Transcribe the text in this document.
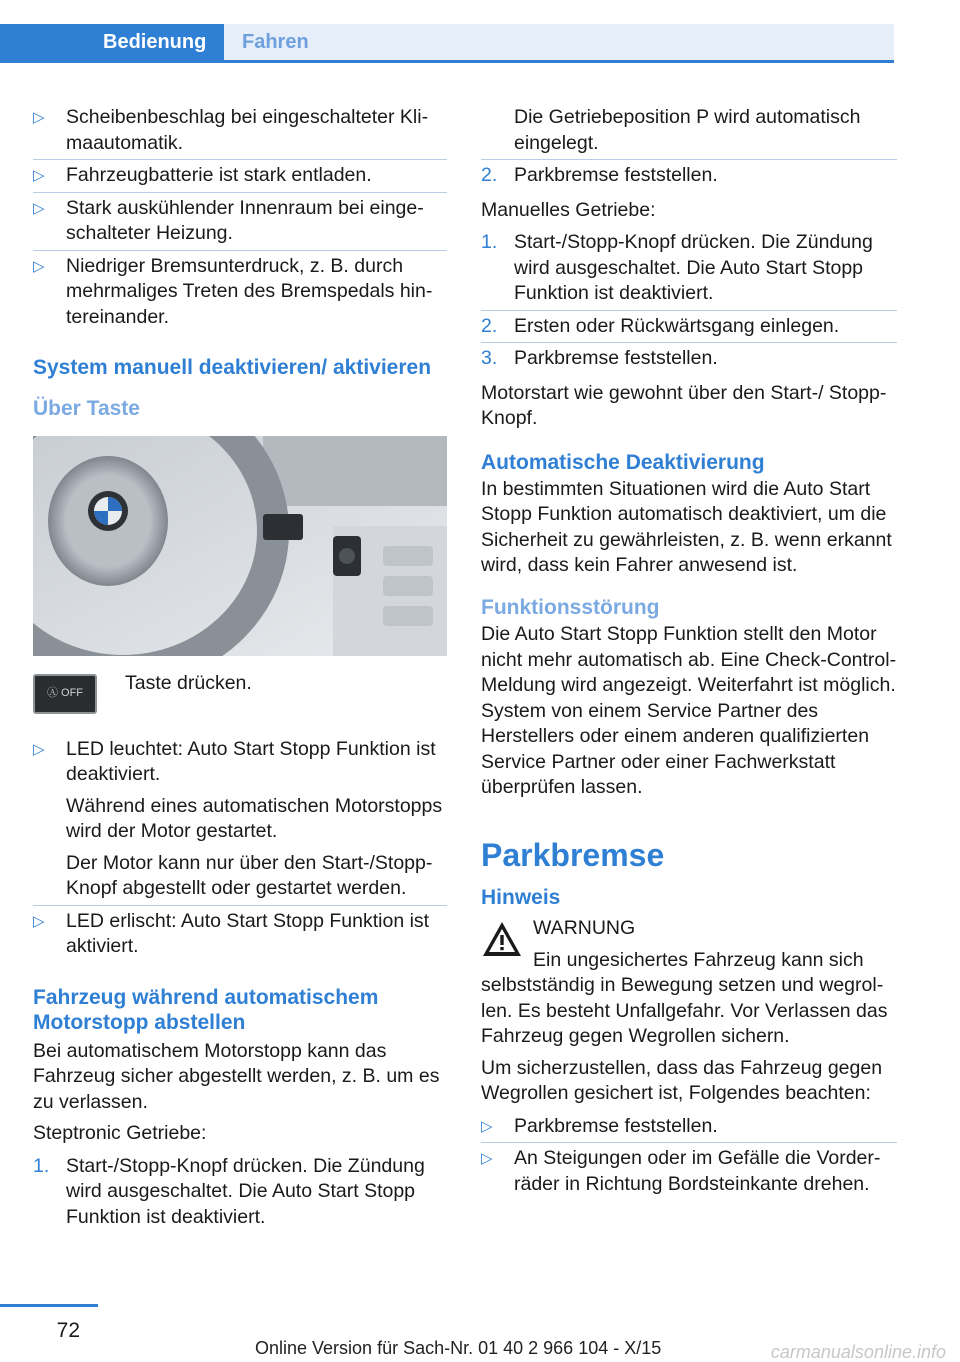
Bedienung Fahren
▷ Scheibenbeschlag bei eingeschalteter Klimaautomatik.
▷ Fahrzeugbatterie ist stark entladen.
▷ Stark auskühlender Innenraum bei eingeschalteter Heizung.
▷ Niedriger Bremsunterdruck, z. B. durch mehrmaliges Treten des Bremspedals hintereinander.
System manuell deaktivieren/ aktivieren
Über Taste
Ⓐ OFF Taste drücken.
▷ LED leuchtet: Auto Start Stopp Funktion ist deaktiviert.
Während eines automatischen Motorstopps wird der Motor gestartet.
Der Motor kann nur über den Start-/Stopp-Knopf abgestellt oder gestartet werden.
▷ LED erlischt: Auto Start Stopp Funktion ist aktiviert.
Fahrzeug während automatischem Motorstopp abstellen

Bei automatischem Motorstopp kann das Fahrzeug sicher abgestellt werden, z. B. um es zu verlassen.

Steptronic Getriebe:

1. Start-/Stopp-Knopf drücken. Die Zündung wird ausgeschaltet. Die Auto Start Stopp Funktion ist deaktiviert.

Die Getriebeposition P wird automatisch eingelegt.

2. Parkbremse feststellen.

Manuelles Getriebe:

1. Start-/Stopp-Knopf drücken. Die Zündung wird ausgeschaltet. Die Auto Start Stopp Funktion ist deaktiviert.
2. Ersten oder Rückwärtsgang einlegen.
3. Parkbremse feststellen.

Motorstart wie gewohnt über den Start-/ Stopp-Knopf.

Automatische Deaktivierung

In bestimmten Situationen wird die Auto Start Stopp Funktion automatisch deaktiviert, um die Sicherheit zu gewährleisten, z. B. wenn erkannt wird, dass kein Fahrer anwesend ist.

Funktionsstörung

Die Auto Start Stopp Funktion stellt den Motor nicht mehr automatisch ab. Eine Check-Control-Meldung wird angezeigt. Weiterfahrt ist möglich. System von einem Service Partner des Herstellers oder einem anderen qualifizierten Service Partner oder einer Fachwerkstatt überprüfen lassen.

Parkbremse
Hinweis
WARNUNG

Ein ungesichertes Fahrzeug kann sich selbstständig in Bewegung setzen und wegrollen. Es besteht Unfallgefahr. Vor Verlassen das Fahrzeug gegen Wegrollen sichern.

Um sicherzustellen, dass das Fahrzeug gegen Wegrollen gesichert ist, Folgendes beachten:

▷ Parkbremse feststellen.
▷ An Steigungen oder im Gefälle die Vorderräder in Richtung Bordsteinkante drehen.
72
Online Version für Sach-Nr. 01 40 2 966 104 - X/15	carmanualsonline.info
